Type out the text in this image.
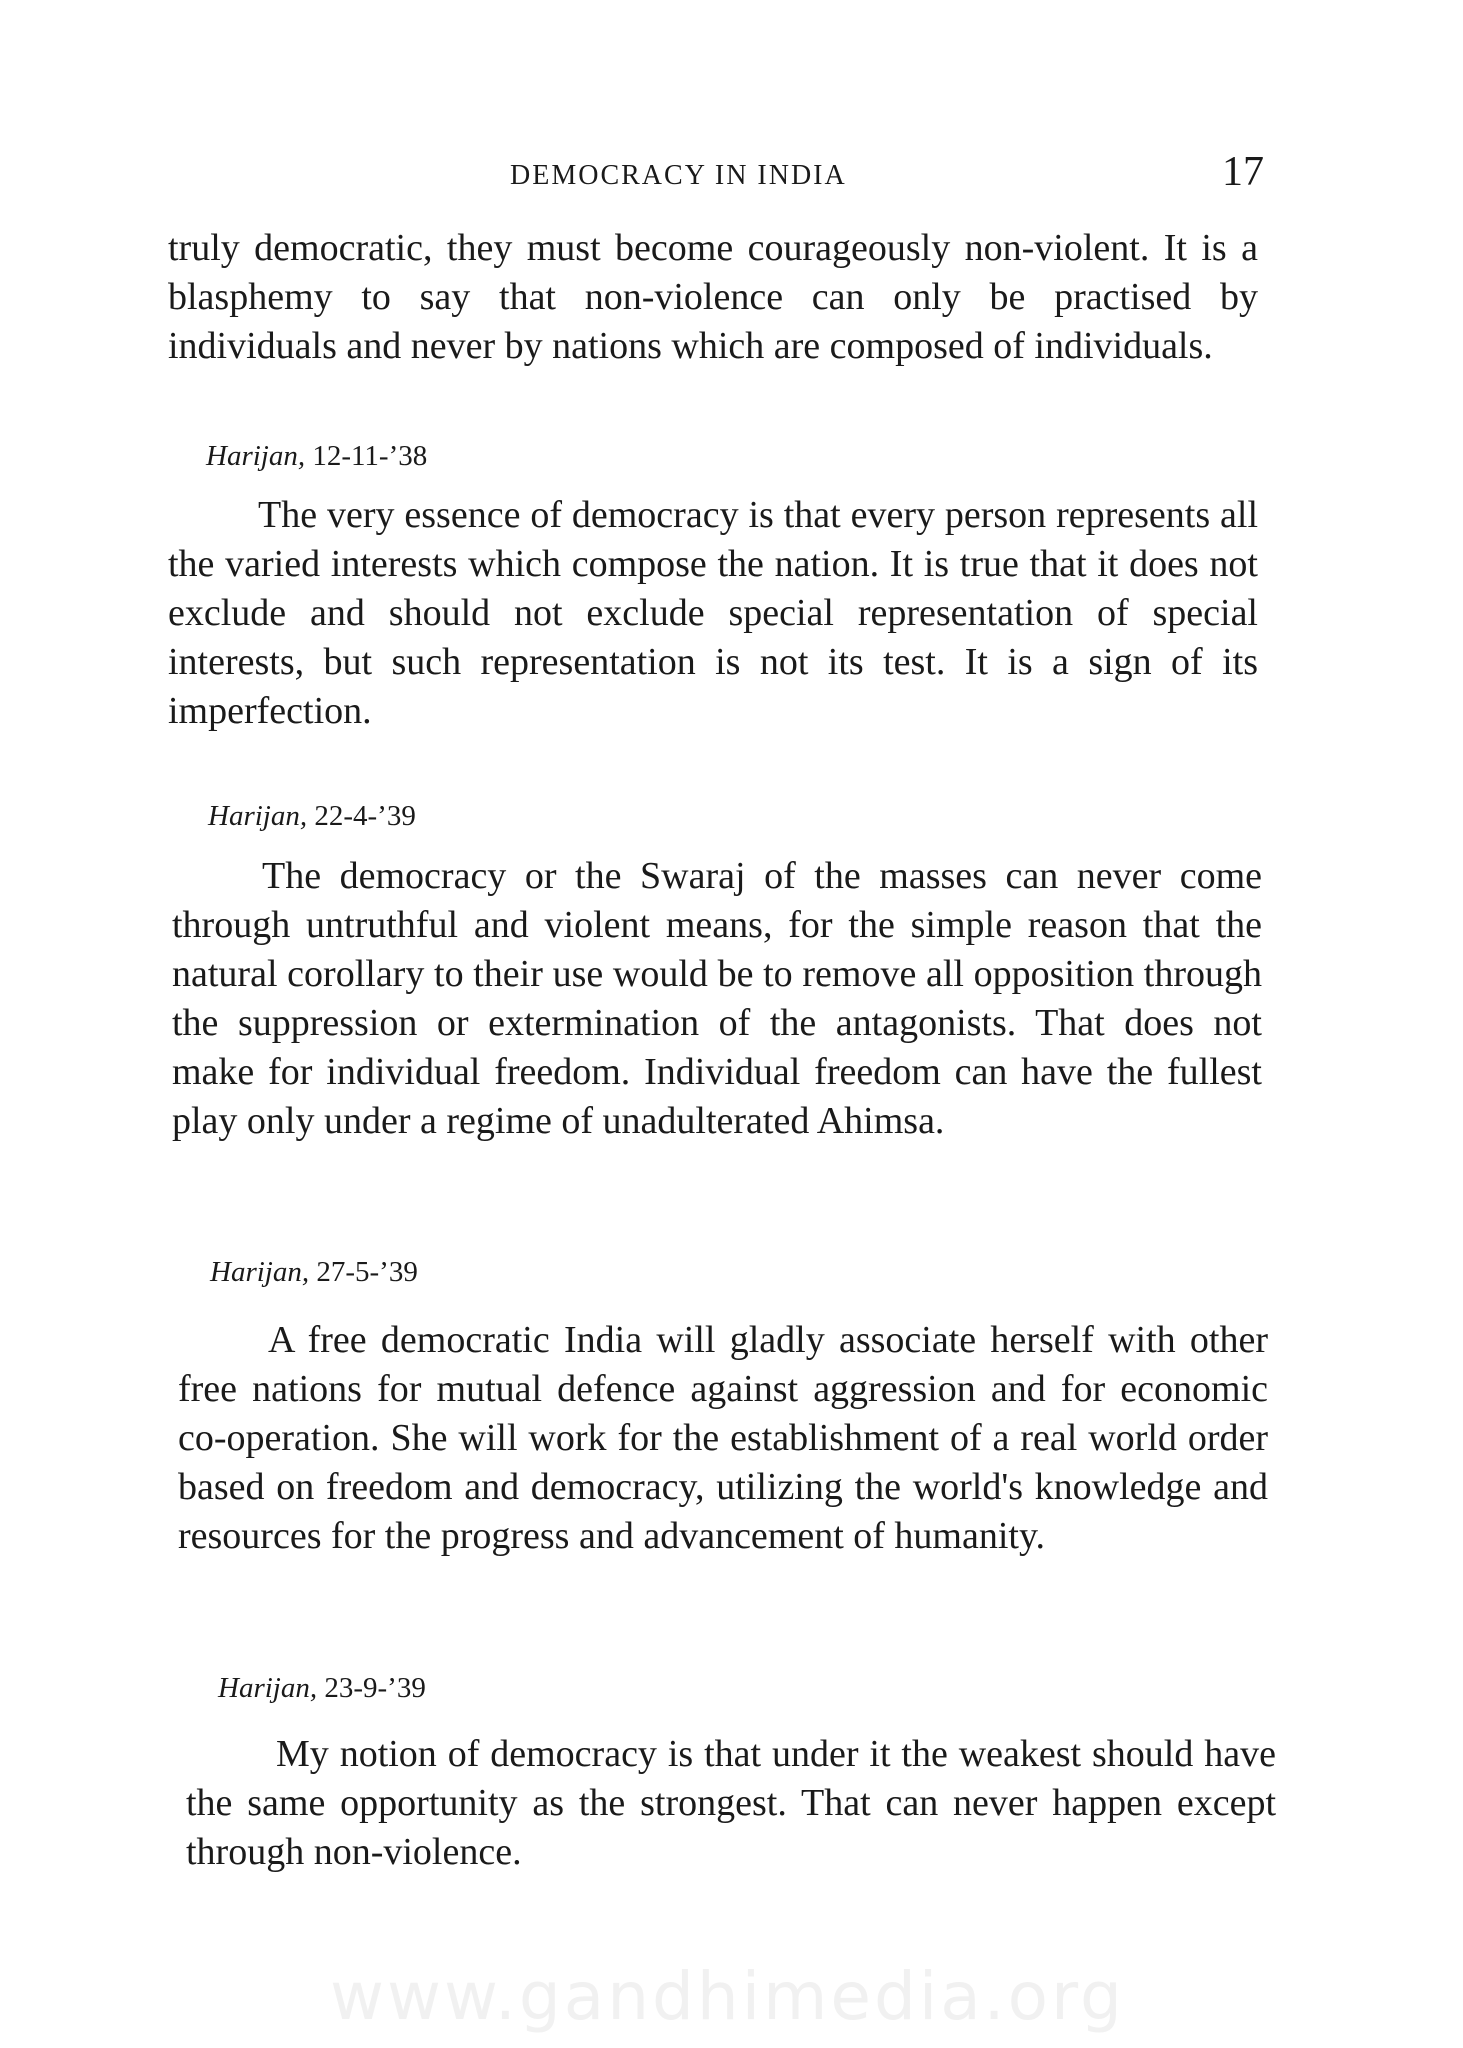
DEMOCRACY IN INDIA	17

truly democratic, they must become courageously non-violent. It is a blasphemy to say that non-violence can only be practised by individuals and never by nations which are composed of individuals.

Harijan, 12-11-’38

The very essence of democracy is that every person represents all the varied interests which compose the nation. It is true that it does not exclude and should not exclude special representation of special interests, but such representation is not its test. It is a sign of its imperfection.

Harijan, 22-4-’39

The democracy or the Swaraj of the masses can never come through untruthful and violent means, for the simple reason that the natural corollary to their use would be to remove all opposition through the suppression or extermination of the antagonists. That does not make for individual freedom. Individual freedom can have the fullest play only under a regime of unadulterated Ahimsa.

Harijan, 27-5-’39

A free democratic India will gladly associate herself with other free nations for mutual defence against aggression and for economic co-operation. She will work for the establishment of a real world order based on freedom and democracy, utilizing the world's knowledge and resources for the progress and advancement of humanity.

Harijan, 23-9-’39

My notion of democracy is that under it the weakest should have the same opportunity as the strongest. That can never happen except through non-violence.

www.gandhimedia.org
